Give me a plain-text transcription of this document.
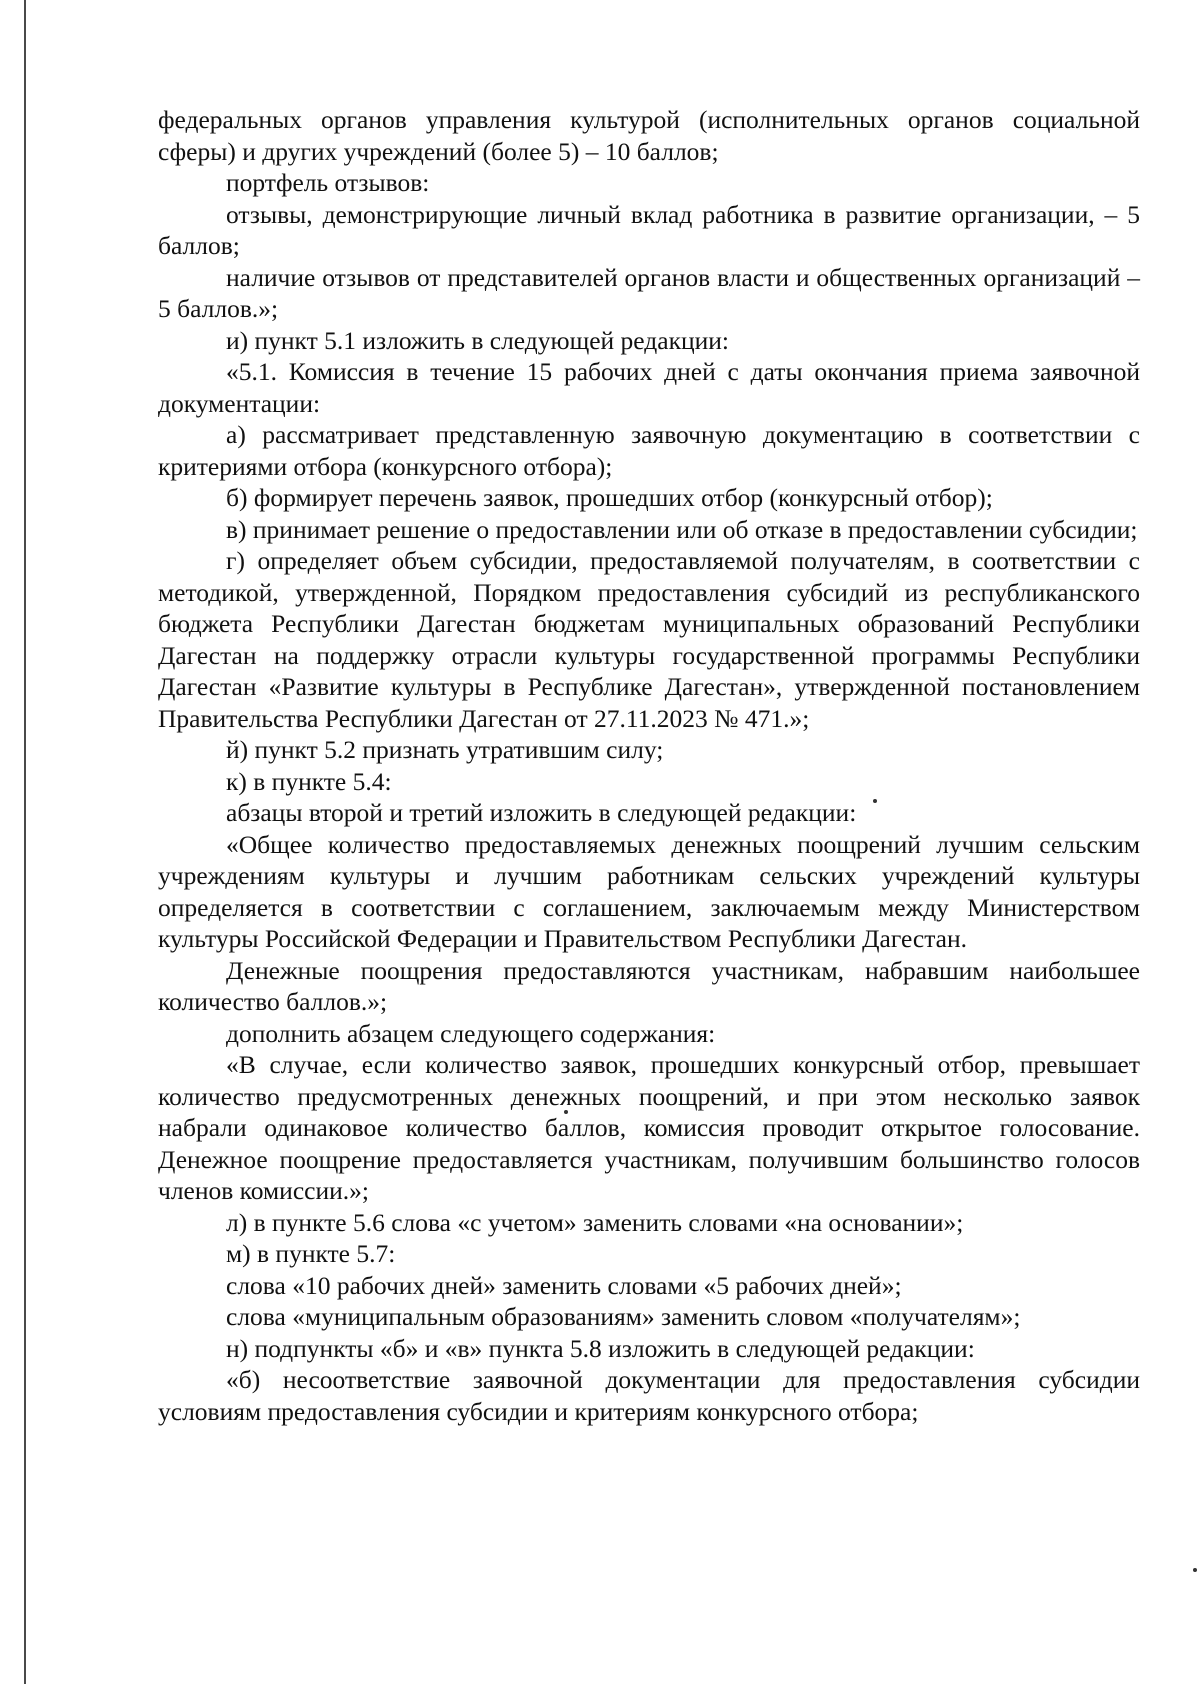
федеральных органов управления культурой (исполнительных органов социальной сферы) и других учреждений (более 5) – 10 баллов;

портфель отзывов:

отзывы, демонстрирующие личный вклад работника в развитие организации, – 5 баллов;

наличие отзывов от представителей органов власти и общественных организаций – 5 баллов.»;

и) пункт 5.1 изложить в следующей редакции:

«5.1. Комиссия в течение 15 рабочих дней с даты окончания приема заявочной документации:

а) рассматривает представленную заявочную документацию в соответствии с критериями отбора (конкурсного отбора);

б) формирует перечень заявок, прошедших отбор (конкурсный отбор);

в) принимает решение о предоставлении или об отказе в предоставлении субсидии;

г) определяет объем субсидии, предоставляемой получателям, в соответствии с методикой, утвержденной, Порядком предоставления субсидий из республиканского бюджета Республики Дагестан бюджетам муниципальных образований Республики Дагестан на поддержку отрасли культуры государственной программы Республики Дагестан «Развитие культуры в Республике Дагестан», утвержденной постановлением Правительства Республики Дагестан от 27.11.2023 № 471.»;

й) пункт 5.2 признать утратившим силу;

к) в пункте 5.4:

абзацы второй и третий изложить в следующей редакции:

«Общее количество предоставляемых денежных поощрений лучшим сельским учреждениям культуры и лучшим работникам сельских учреждений культуры определяется в соответствии с соглашением, заключаемым между Министерством культуры Российской Федерации и Правительством Республики Дагестан.

Денежные поощрения предоставляются участникам, набравшим наибольшее количество баллов.»;

дополнить абзацем следующего содержания:

«В случае, если количество заявок, прошедших конкурсный отбор, превышает количество предусмотренных денежных поощрений, и при этом несколько заявок набрали одинаковое количество баллов, комиссия проводит открытое голосование. Денежное поощрение предоставляется участникам, получившим большинство голосов членов комиссии.»;

л) в пункте 5.6 слова «с учетом» заменить словами «на основании»;

м) в пункте 5.7:

слова «10 рабочих дней» заменить словами «5 рабочих дней»;

слова «муниципальным образованиям» заменить словом «получателям»;

н) подпункты «б» и «в» пункта 5.8 изложить в следующей редакции:

«б) несоответствие заявочной документации для предоставления субсидии условиям предоставления субсидии и критериям конкурсного отбора;
